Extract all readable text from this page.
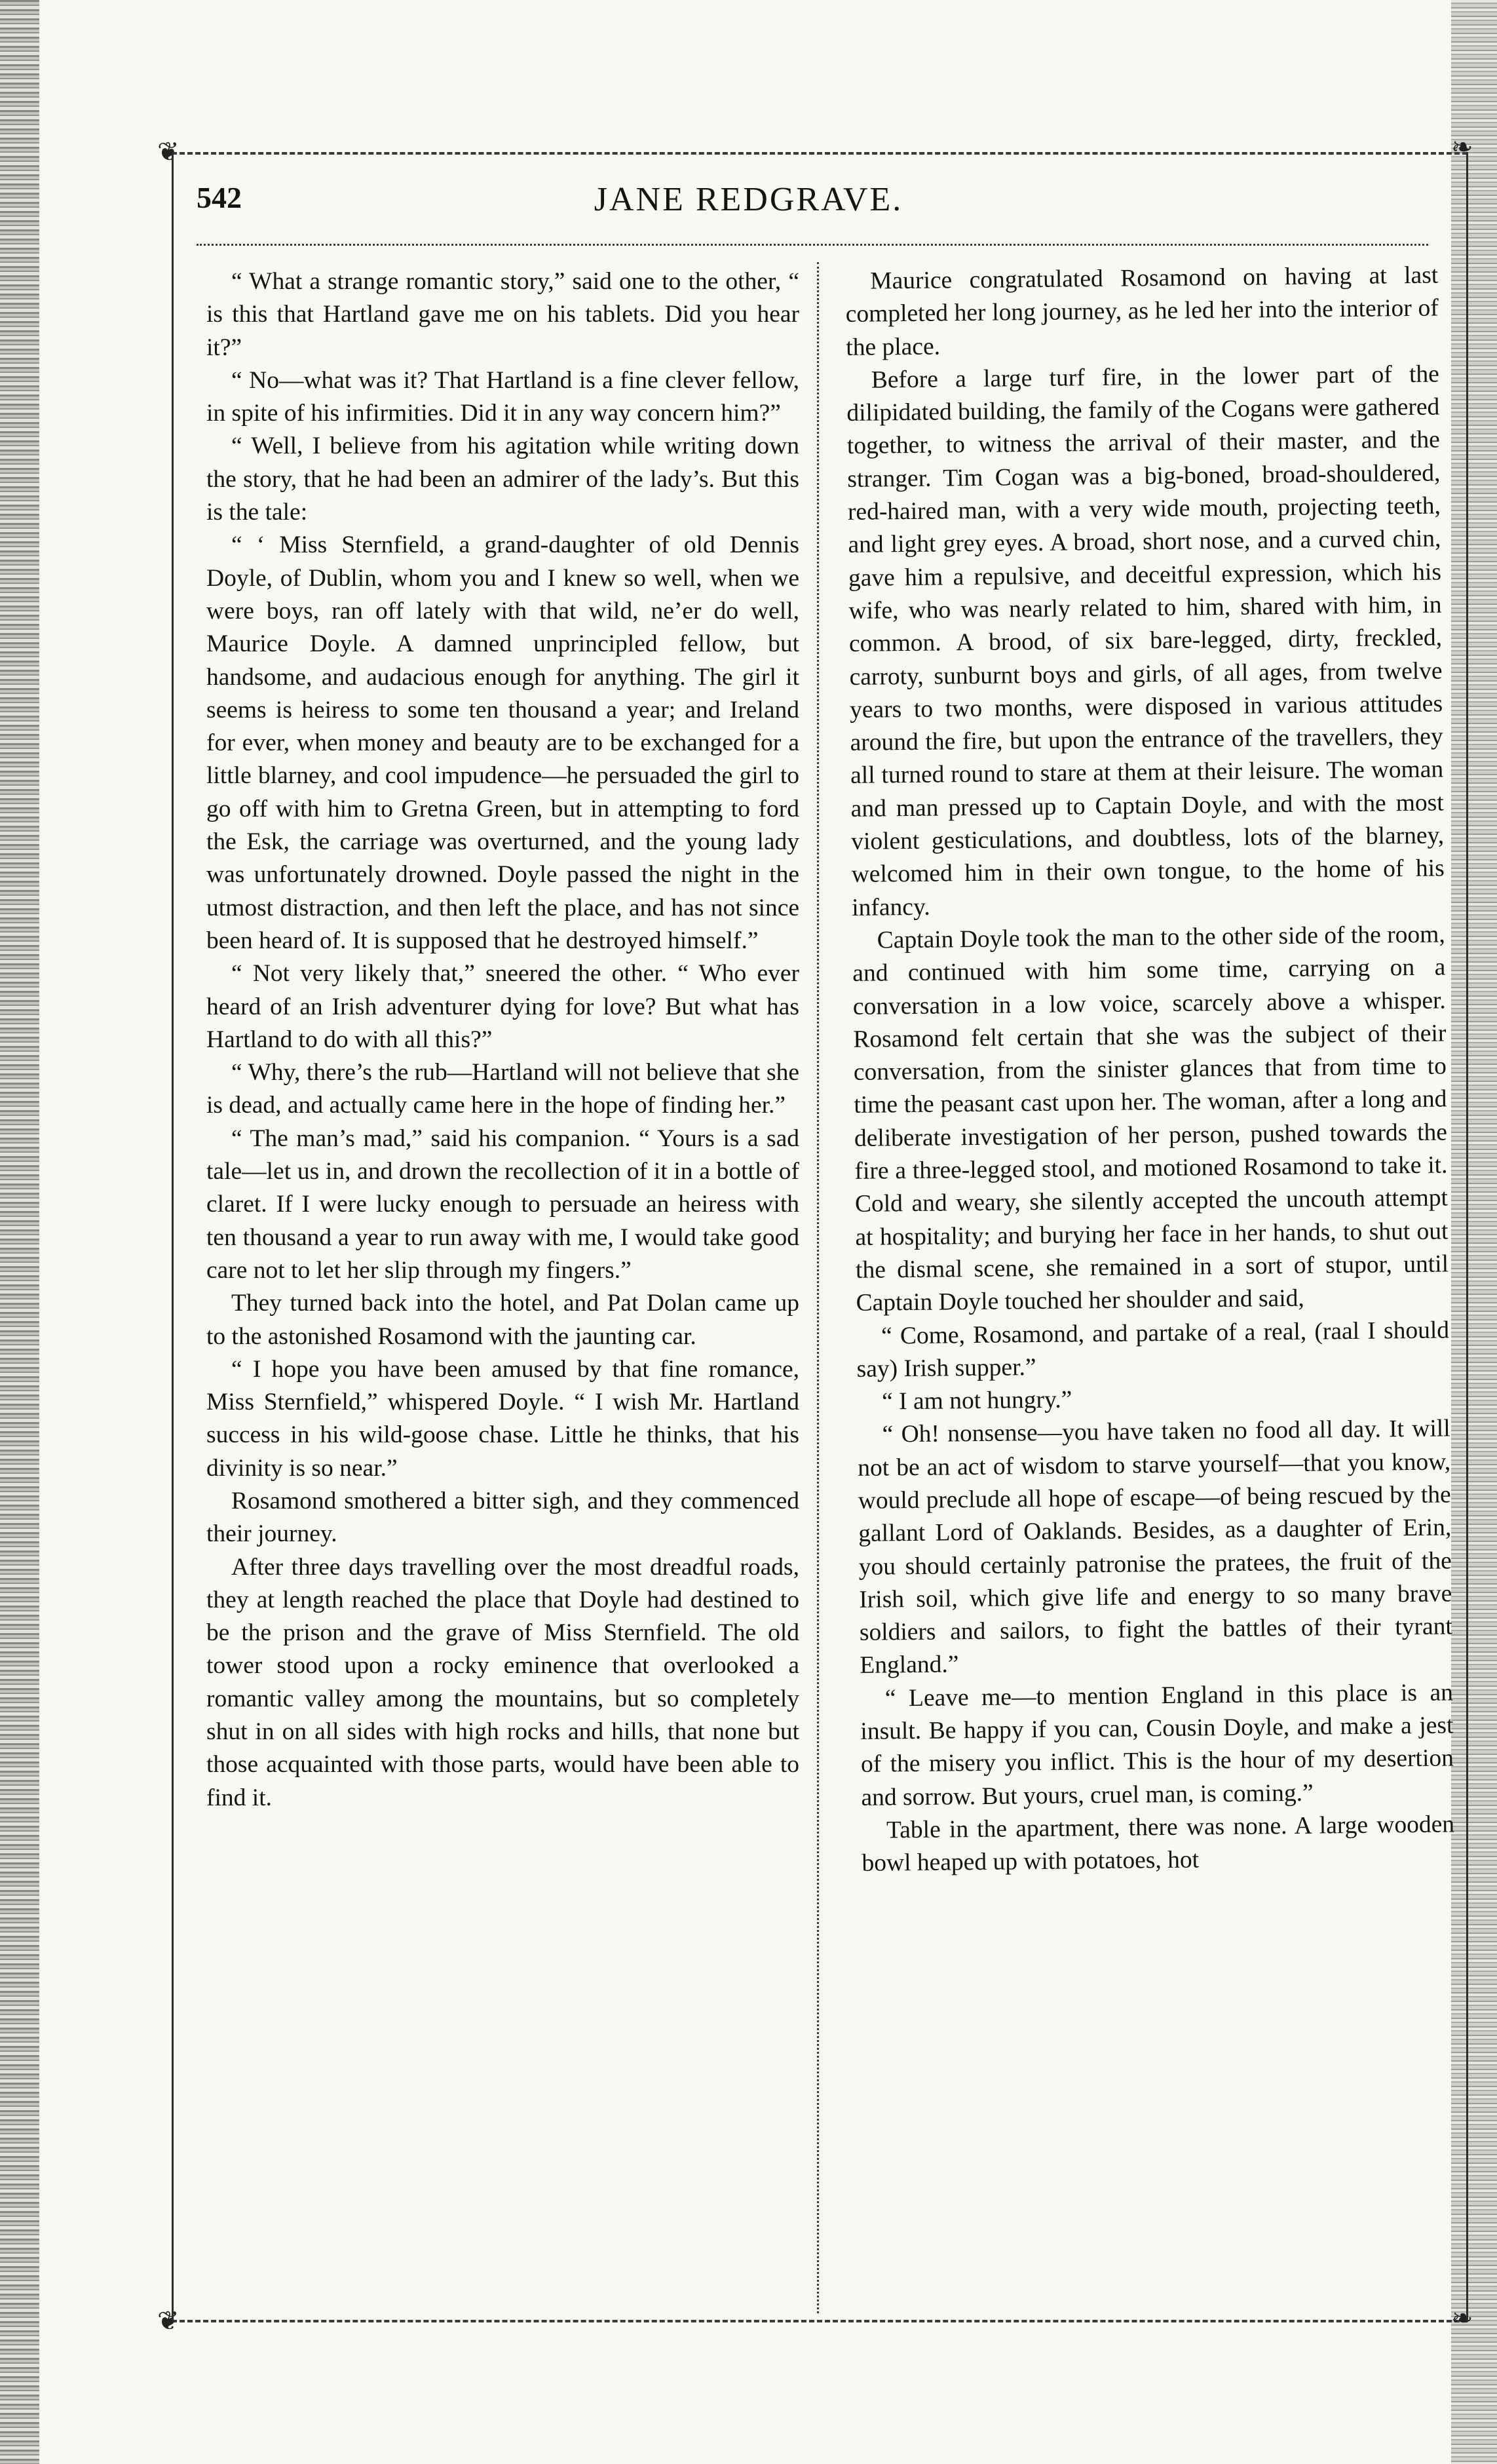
❦	❧
❦	❧
542	JANE REDGRAVE.

“ What a strange romantic story,” said one to the other, “ is this that Hartland gave me on his tablets. Did you hear it?”

“ No—what was it? That Hartland is a fine clever fellow, in spite of his infirmities. Did it in any way concern him?”

“ Well, I believe from his agitation while writing down the story, that he had been an admirer of the lady’s. But this is the tale:

“ ‘ Miss Sternfield, a grand-daughter of old Dennis Doyle, of Dublin, whom you and I knew so well, when we were boys, ran off lately with that wild, ne’er do well, Maurice Doyle. A damned unprincipled fellow, but handsome, and audacious enough for anything. The girl it seems is heiress to some ten thousand a year; and Ireland for ever, when money and beauty are to be exchanged for a little blarney, and cool impudence—he persuaded the girl to go off with him to Gretna Green, but in attempting to ford the Esk, the carriage was overturned, and the young lady was unfortunately drowned. Doyle passed the night in the utmost distraction, and then left the place, and has not since been heard of. It is supposed that he destroyed himself.”

“ Not very likely that,” sneered the other. “ Who ever heard of an Irish adventurer dying for love? But what has Hartland to do with all this?”

“ Why, there’s the rub—Hartland will not believe that she is dead, and actually came here in the hope of finding her.”

“ The man’s mad,” said his companion. “ Yours is a sad tale—let us in, and drown the recollection of it in a bottle of claret. If I were lucky enough to persuade an heiress with ten thousand a year to run away with me, I would take good care not to let her slip through my fingers.”

They turned back into the hotel, and Pat Dolan came up to the astonished Rosamond with the jaunting car.

“ I hope you have been amused by that fine romance, Miss Sternfield,” whispered Doyle. “ I wish Mr. Hartland success in his wild-goose chase. Little he thinks, that his divinity is so near.”

Rosamond smothered a bitter sigh, and they commenced their journey.

After three days travelling over the most dreadful roads, they at length reached the place that Doyle had destined to be the prison and the grave of Miss Sternfield. The old tower stood upon a rocky eminence that overlooked a romantic valley among the mountains, but so completely shut in on all sides with high rocks and hills, that none but those acquainted with those parts, would have been able to find it.

Maurice congratulated Rosamond on having at last completed her long journey, as he led her into the interior of the place.

Before a large turf fire, in the lower part of the dilipidated building, the family of the Cogans were gathered together, to witness the arrival of their master, and the stranger. Tim Cogan was a big-boned, broad-shouldered, red-haired man, with a very wide mouth, projecting teeth, and light grey eyes. A broad, short nose, and a curved chin, gave him a repulsive, and deceitful expression, which his wife, who was nearly related to him, shared with him, in common. A brood, of six bare-legged, dirty, freckled, carroty, sunburnt boys and girls, of all ages, from twelve years to two months, were disposed in various attitudes around the fire, but upon the entrance of the travellers, they all turned round to stare at them at their leisure. The woman and man pressed up to Captain Doyle, and with the most violent gesticulations, and doubtless, lots of the blarney, welcomed him in their own tongue, to the home of his infancy.

Captain Doyle took the man to the other side of the room, and continued with him some time, carrying on a conversation in a low voice, scarcely above a whisper. Rosamond felt certain that she was the subject of their conversation, from the sinister glances that from time to time the peasant cast upon her. The woman, after a long and deliberate investigation of her person, pushed towards the fire a three-legged stool, and motioned Rosamond to take it. Cold and weary, she silently accepted the uncouth attempt at hospitality; and burying her face in her hands, to shut out the dismal scene, she remained in a sort of stupor, until Captain Doyle touched her shoulder and said,

“ Come, Rosamond, and partake of a real, (raal I should say) Irish supper.”

“ I am not hungry.”

“ Oh! nonsense—you have taken no food all day. It will not be an act of wisdom to starve yourself—that you know, would preclude all hope of escape—of being rescued by the gallant Lord of Oaklands. Besides, as a daughter of Erin, you should certainly patronise the pratees, the fruit of the Irish soil, which give life and energy to so many brave soldiers and sailors, to fight the battles of their tyrant England.”

“ Leave me—to mention England in this place is an insult. Be happy if you can, Cousin Doyle, and make a jest of the misery you inflict. This is the hour of my desertion and sorrow. But yours, cruel man, is coming.”

Table in the apartment, there was none. A large wooden bowl heaped up with potatoes, hot
